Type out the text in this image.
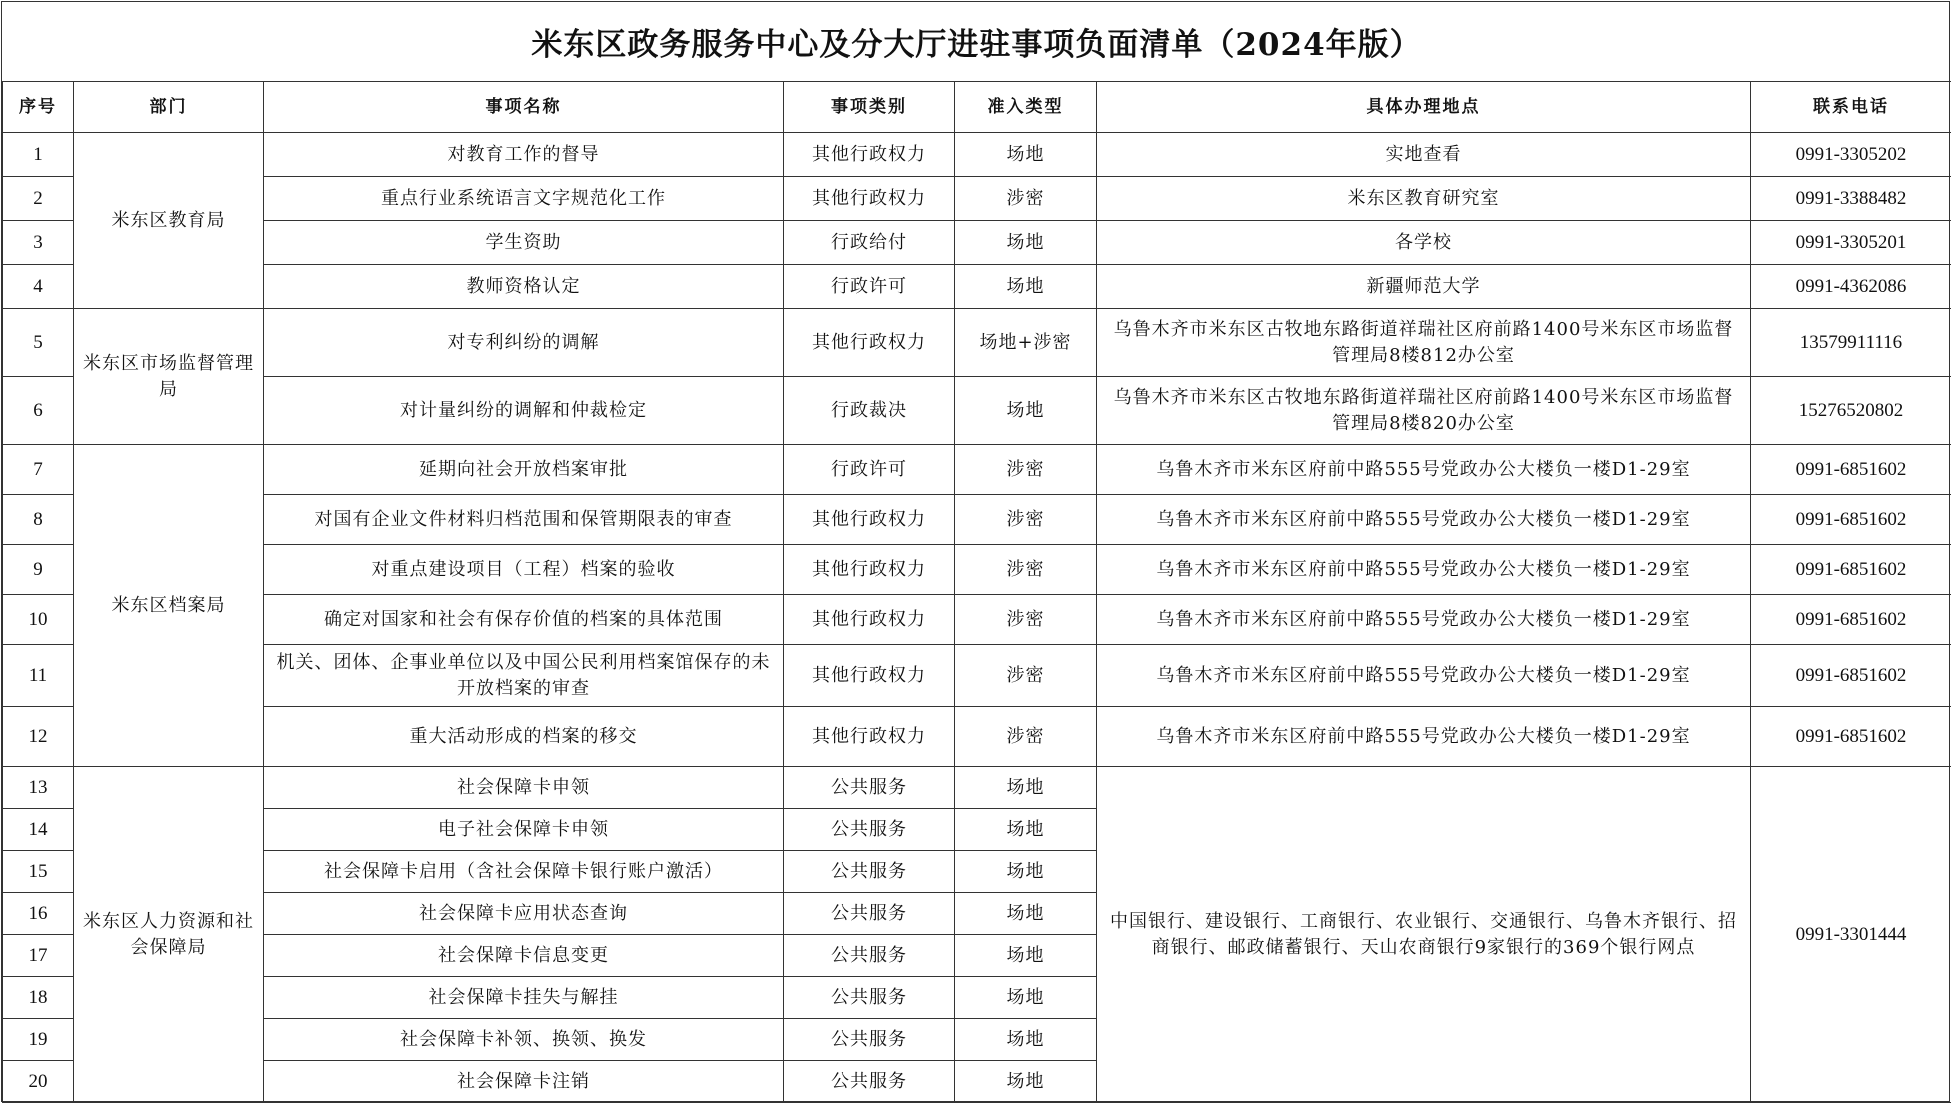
米东区政务服务中心及分大厅进驻事项负面清单（2024年版）
序号	部门	事项名称	事项类别	准入类型	具体办理地点	联系电话
1	米东区教育局	对教育工作的督导	其他行政权力	场地	实地查看	0991-3305202
2		重点行业系统语言文字规范化工作	其他行政权力	涉密	米东区教育研究室	0991-3388482
3		学生资助	行政给付	场地	各学校	0991-3305201
4		教师资格认定	行政许可	场地	新疆师范大学	0991-4362086
5	米东区市场监督管理局	对专利纠纷的调解	其他行政权力	场地+涉密	乌鲁木齐市米东区古牧地东路街道祥瑞社区府前路1400号米东区市场监督管理局8楼812办公室	13579911116
6		对计量纠纷的调解和仲裁检定	行政裁决	场地	乌鲁木齐市米东区古牧地东路街道祥瑞社区府前路1400号米东区市场监督管理局8楼820办公室	15276520802
7	米东区档案局	延期向社会开放档案审批	行政许可	涉密	乌鲁木齐市米东区府前中路555号党政办公大楼负一楼D1-29室	0991-6851602
8		对国有企业文件材料归档范围和保管期限表的审查	其他行政权力	涉密	乌鲁木齐市米东区府前中路555号党政办公大楼负一楼D1-29室	0991-6851602
9		对重点建设项目（工程）档案的验收	其他行政权力	涉密	乌鲁木齐市米东区府前中路555号党政办公大楼负一楼D1-29室	0991-6851602
10		确定对国家和社会有保存价值的档案的具体范围	其他行政权力	涉密	乌鲁木齐市米东区府前中路555号党政办公大楼负一楼D1-29室	0991-6851602
11		机关、团体、企事业单位以及中国公民利用档案馆保存的未开放档案的审查	其他行政权力	涉密	乌鲁木齐市米东区府前中路555号党政办公大楼负一楼D1-29室	0991-6851602
12		重大活动形成的档案的移交	其他行政权力	涉密	乌鲁木齐市米东区府前中路555号党政办公大楼负一楼D1-29室	0991-6851602
13	米东区人力资源和社会保障局	社会保障卡申领	公共服务	场地	中国银行、建设银行、工商银行、农业银行、交通银行、乌鲁木齐银行、招商银行、邮政储蓄银行、天山农商银行9家银行的369个银行网点	0991-3301444
14		电子社会保障卡申领	公共服务	场地		
15		社会保障卡启用（含社会保障卡银行账户激活）	公共服务	场地		
16		社会保障卡应用状态查询	公共服务	场地		
17		社会保障卡信息变更	公共服务	场地		
18		社会保障卡挂失与解挂	公共服务	场地		
19		社会保障卡补领、换领、换发	公共服务	场地		
20		社会保障卡注销	公共服务	场地		
